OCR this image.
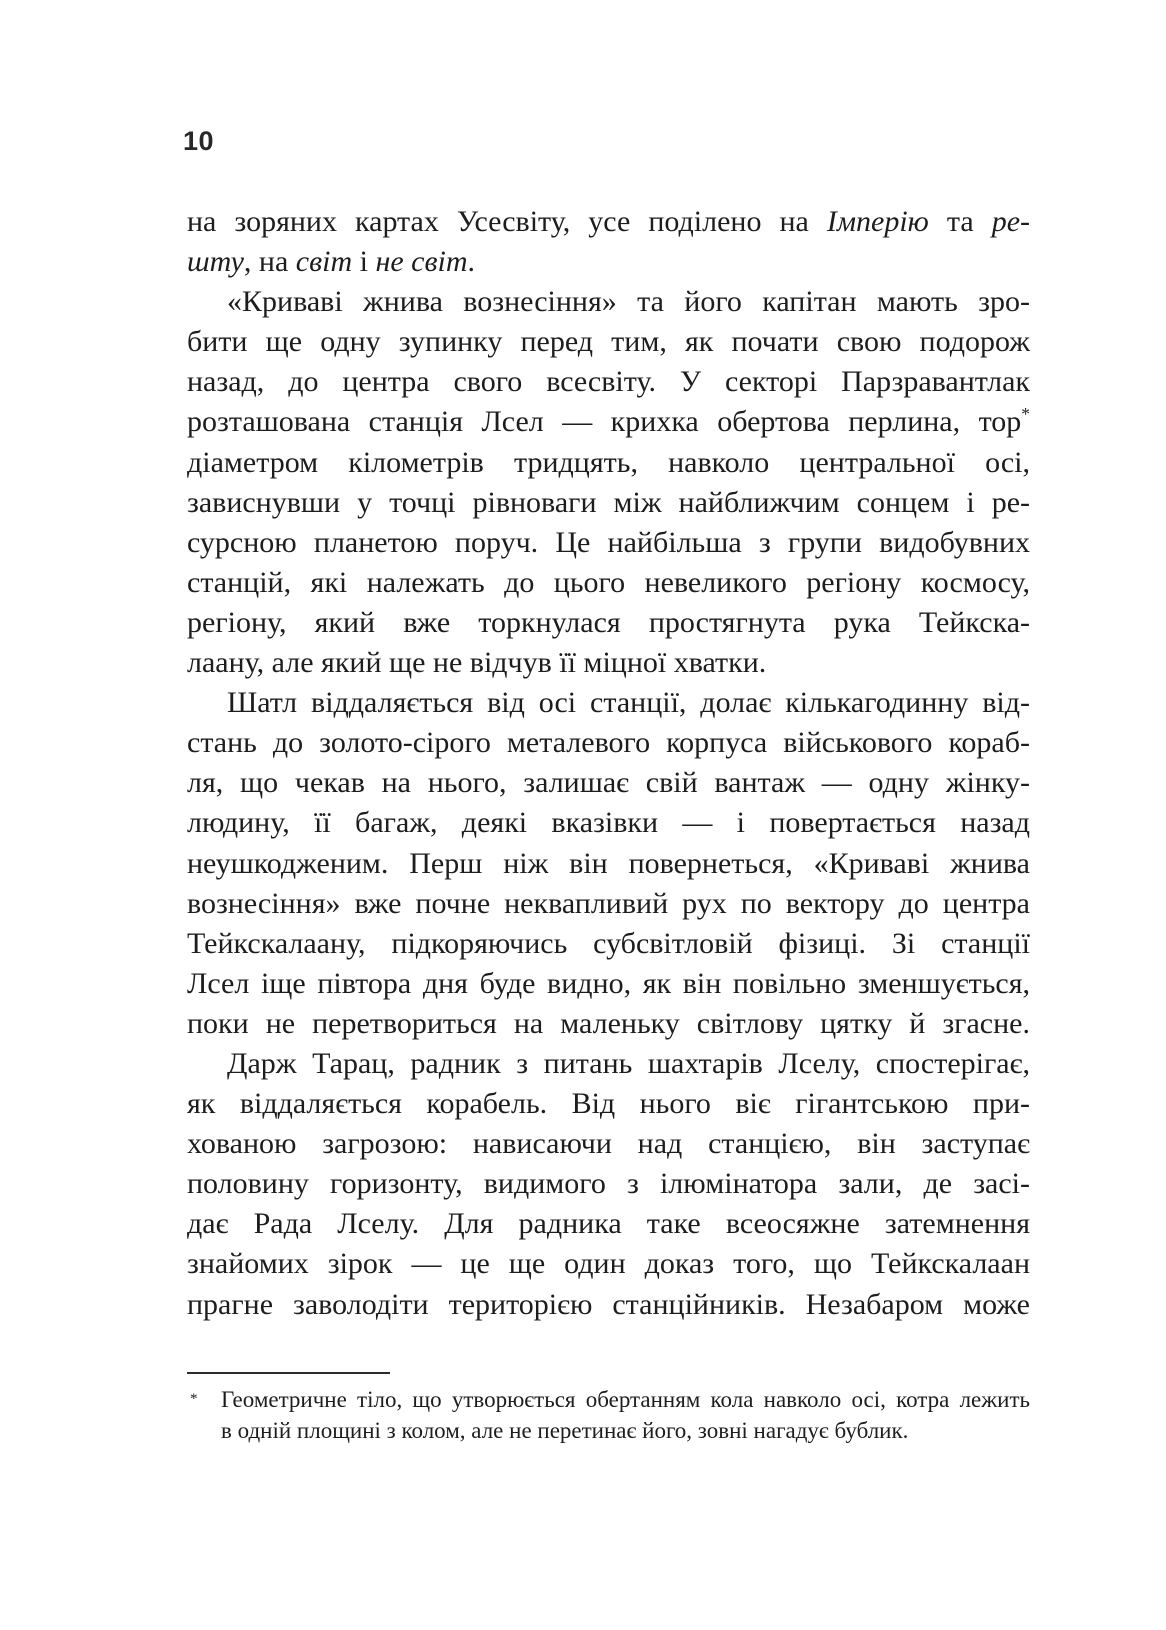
10
на зоряних картах Усесвіту, усе поділено на Імперію та ре-
шту, на світ і не світ.
«Криваві жнива вознесіння» та його капітан мають зро-
бити ще одну зупинку перед тим, як почати свою подорож
назад, до центра свого всесвіту. У секторі Парзравантлак
розташована станція Лсел — крихка обертова перлина, тор*
діаметром кілометрів тридцять, навколо центральної осі,
зависнувши у точці рівноваги між найближчим сонцем і ре-
сурсною планетою поруч. Це найбільша з групи видобувних
станцій, які належать до цього невеликого регіону космосу,
регіону, який вже торкнулася простягнута рука Тейкска-
лаану, але який ще не відчув її міцної хватки.
Шатл віддаляється від осі станції, долає кількагодинну від-
стань до золото-сірого металевого корпуса військового кораб-
ля, що чекав на нього, залишає свій вантаж — одну жінку-
людину, її багаж, деякі вказівки — і повертається назад
неушкодженим. Перш ніж він повернеться, «Криваві жнива
вознесіння» вже почне неквапливий рух по вектору до центра
Тейкскалаану, підкоряючись субсвітловій фізиці. Зі станції
Лсел іще півтора дня буде видно, як він повільно зменшується,
поки не перетвориться на маленьку світлову цятку й згасне.
Дарж Тарац, радник з питань шахтарів Лселу, спостерігає,
як віддаляється корабель. Від нього віє гігантською при-
хованою загрозою: нависаючи над станцією, він заступає
половину горизонту, видимого з ілюмінатора зали, де засі-
дає Рада Лселу. Для радника таке всеосяжне затемнення
знайомих зірок — це ще один доказ того, що Тейкскалаан
прагне заволодіти територією станційників. Незабаром може
* Геометричне тіло, що утворюється обертанням кола навколо осі, котра лежить
в одній площині з колом, але не перетинає його, зовні нагадує бублик.
